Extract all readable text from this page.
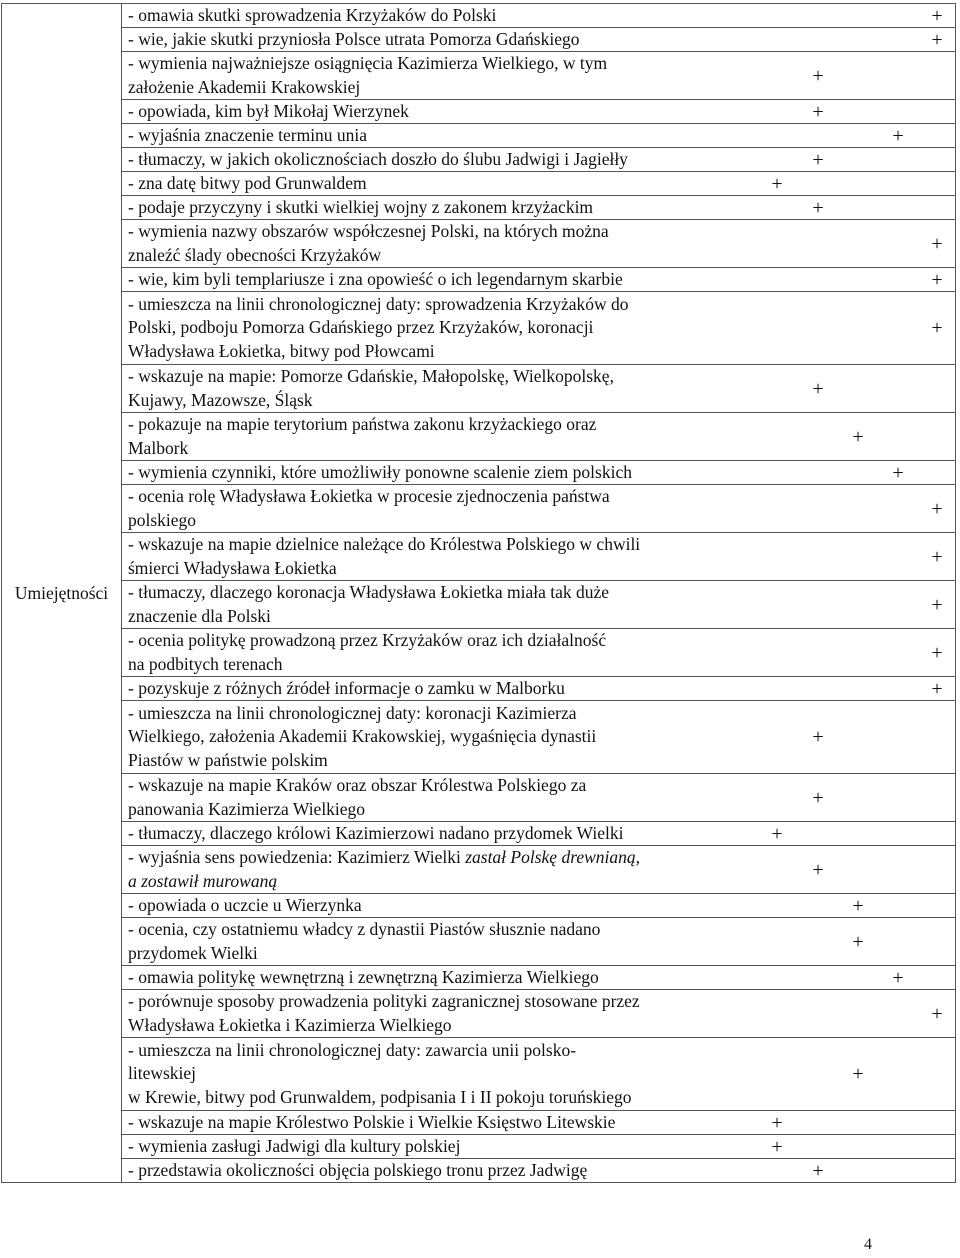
Umiejętności	
- omawia skutki sprowadzenia Krzyżaków do Polski	+

- wie, jakie skutki przyniosła Polsce utrata Pomorza Gdańskiego	+

- wymienia najważniejsze osiągnięcia Kazimierza Wielkiego, w tym
założenie Akademii Krakowskiej
+

- opowiada, kim był Mikołaj Wierzynek	+

- wyjaśnia znaczenie terminu unia	+

- tłumaczy, w jakich okolicznościach doszło do ślubu Jadwigi i Jagiełły	+

- zna datę bitwy pod Grunwaldem	+

- podaje przyczyny i skutki wielkiej wojny z zakonem krzyżackim	+

- wymienia nazwy obszarów współczesnej Polski, na których można
znaleźć ślady obecności Krzyżaków
+

- wie, kim byli templariusze i zna opowieść o ich legendarnym skarbie	+

- umieszcza na linii chronologicznej daty: sprowadzenia Krzyżaków do
Polski, podboju Pomorza Gdańskiego przez Krzyżaków, koronacji
Władysława Łokietka, bitwy pod Płowcami
+

- wskazuje na mapie: Pomorze Gdańskie, Małopolskę, Wielkopolskę,
Kujawy, Mazowsze, Śląsk
+

- pokazuje na mapie terytorium państwa zakonu krzyżackiego oraz
Malbork
+

- wymienia czynniki, które umożliwiły ponowne scalenie ziem polskich	+

- ocenia rolę Władysława Łokietka w procesie zjednoczenia państwa
polskiego
+

- wskazuje na mapie dzielnice należące do Królestwa Polskiego w chwili
śmierci Władysława Łokietka
+

- tłumaczy, dlaczego koronacja Władysława Łokietka miała tak duże
znaczenie dla Polski
+

- ocenia politykę prowadzoną przez Krzyżaków oraz ich działalność
na podbitych terenach
+

- pozyskuje z różnych źródeł informacje o zamku w Malborku	+

- umieszcza na linii chronologicznej daty: koronacji Kazimierza
Wielkiego, założenia Akademii Krakowskiej, wygaśnięcia dynastii
Piastów w państwie polskim
+

- wskazuje na mapie Kraków oraz obszar Królestwa Polskiego za
panowania Kazimierza Wielkiego
+

- tłumaczy, dlaczego królowi Kazimierzowi nadano przydomek Wielki	+

- wyjaśnia sens powiedzenia: Kazimierz Wielki zastał Polskę drewnianą,
a zostawił murowaną
+

- opowiada o uczcie u Wierzynka	+

- ocenia, czy ostatniemu władcy z dynastii Piastów słusznie nadano
przydomek Wielki
+

- omawia politykę wewnętrzną i zewnętrzną Kazimierza Wielkiego	+

- porównuje sposoby prowadzenia polityki zagranicznej stosowane przez
Władysława Łokietka i Kazimierza Wielkiego
+

- umieszcza na linii chronologicznej daty: zawarcia unii polsko-
litewskiej
w Krewie, bitwy pod Grunwaldem, podpisania I i II pokoju toruńskiego
+

- wskazuje na mapie Królestwo Polskie i Wielkie Księstwo Litewskie	+

- wymienia zasługi Jadwigi dla kultury polskiej	+

- przedstawia okoliczności objęcia polskiego tronu przez Jadwigę	+
4
